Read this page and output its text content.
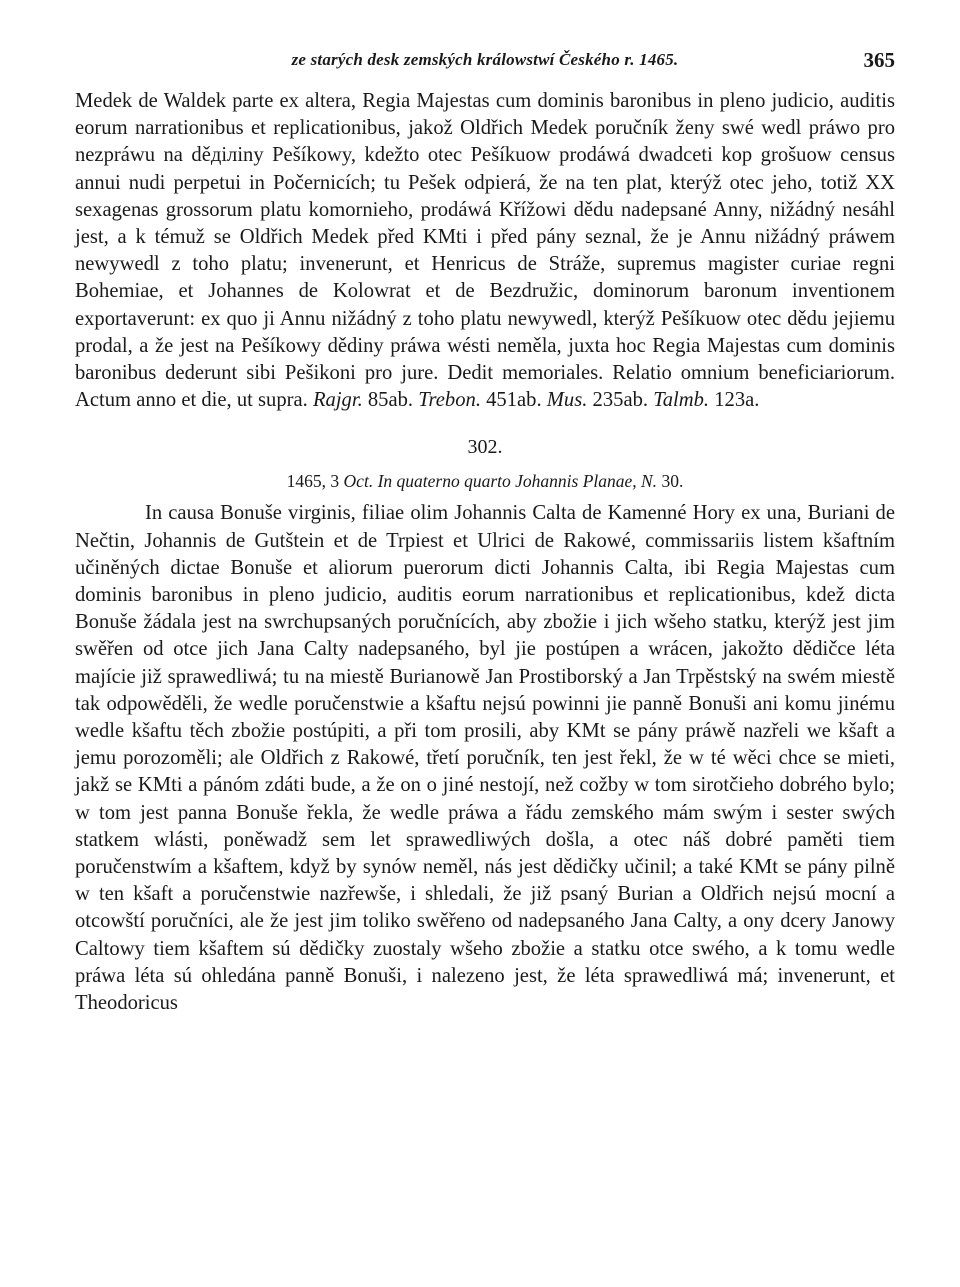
ze starých desk zemských králowstwí Českého r. 1465.	365

Medek de Waldek parte ex altera, Regia Majestas cum dominis baronibus in pleno judicio, auditis eorum narrationibus et replicationibus, jakož Oldřich Medek poručník ženy swé wedl práwo pro nezpráwu na děділiny Pešíkowy, kdežto otec Pešíkuow prodáwá dwadceti kop grošuow census annui nudi perpetui in Počernicích; tu Pešek odpierá, že na ten plat, kterýž otec jeho, totiž XX sexagenas grossorum platu komornieho, prodáwá Křížowi dědu nadepsané Anny, nižádný nesáhl jest, a k témuž se Oldřich Medek před KMti i před pány seznal, že je Annu nižádný práwem newywedl z toho platu; invenerunt, et Henricus de Stráže, supremus magister curiae regni Bohemiae, et Johannes de Kolowrat et de Bezdružic, dominorum baronum inventionem exportaverunt: ex quo ji Annu nižádný z toho platu newywedl, kterýž Pešíkuow otec dědu jejiemu prodal, a že jest na Pešíkowy dědiny práwa wésti neměla, juxta hoc Regia Majestas cum dominis baronibus dederunt sibi Pešikoni pro jure. Dedit memoriales. Relatio omnium beneficiariorum. Actum anno et die, ut supra. Rajgr. 85ab. Trebon. 451ab. Mus. 235ab. Talmb. 123a.

302.
1465, 3 Oct. In quaterno quarto Johannis Planae, N. 30.

In causa Bonuše virginis, filiae olim Johannis Calta de Kamenné Hory ex una, Buriani de Nečtin, Johannis de Gutštein et de Trpiest et Ulrici de Rakowé, commissariis listem kšaftním učiněných dictae Bonuše et aliorum puerorum dicti Johannis Calta, ibi Regia Majestas cum dominis baronibus in pleno judicio, auditis eorum narrationibus et replicationibus, kdež dicta Bonuše žádala jest na swrchupsaných poručnících, aby zbožie i jich wšeho statku, kterýž jest jim swěřen od otce jich Jana Calty nadepsaného, byl jie postúpen a wrácen, jakožto dědičce léta majície již sprawedliwá; tu na miestě Burianowě Jan Prostiborský a Jan Trpěstský na swém miestě tak odpowěděli, že wedle poručenstwie a kšaftu nejsú powinni jie panně Bonuši ani komu jinému wedle kšaftu těch zbožie postúpiti, a při tom prosili, aby KMt se pány práwě nazřeli we kšaft a jemu porozoměli; ale Oldřich z Rakowé, třetí poručník, ten jest řekl, že w té wěci chce se mieti, jakž se KMti a pánóm zdáti bude, a že on o jiné nestojí, než cožby w tom sirotčieho dobrého bylo; w tom jest panna Bonuše řekla, že wedle práwa a řádu zemského mám swým i sester swých statkem wlásti, poněwadž sem let sprawedliwých došla, a otec náš dobré paměti tiem poručenstwím a kšaftem, když by synów neměl, nás jest dědičky učinil; a také KMt se pány pilně w ten kšaft a poručenstwie nazřewše, i shledali, že již psaný Burian a Oldřich nejsú mocní a otcowští poručníci, ale že jest jim toliko swěřeno od nadepsaného Jana Calty, a ony dcery Janowy Caltowy tiem kšaftem sú dědičky zuostaly wšeho zbožie a statku otce swého, a k tomu wedle práwa léta sú ohledána panně Bonuši, i nalezeno jest, že léta sprawedliwá má; invenerunt, et Theodoricus
